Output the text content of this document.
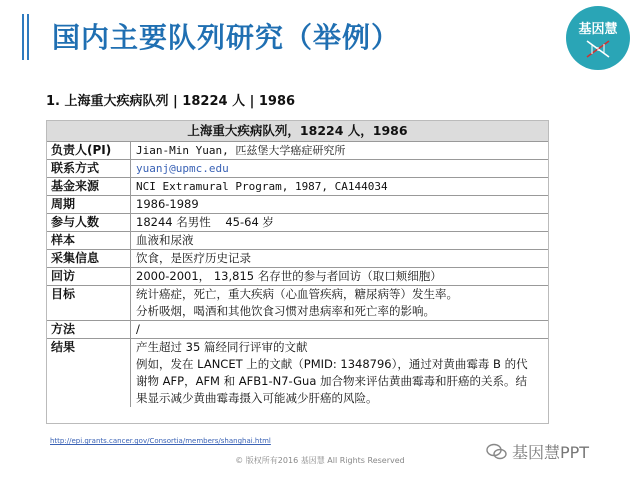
国内主要队列研究（举例）	基因慧
1. 上海重大疾病队列 | 18224 人 | 1986
上海重大疾病队列，18224 人，1986
负责人(PI)	Jian-Min Yuan, 匹兹堡大学癌症研究所
联系方式	yuanj@upmc.edu
基金来源	NCI Extramural Program, 1987, CA144034
周期	1986-1989
参与人数	18244 名男性    45-64 岁
样本	血液和尿液
采集信息	饮食，是医疗历史记录
回访	2000-2001， 13,815 名存世的参与者回访（取口颊细胞）
目标	统计癌症，死亡，重大疾病（心血管疾病，糖尿病等）发生率。
分析吸烟，喝酒和其他饮食习惯对患病率和死亡率的影响。
方法	/
结果	产生超过 35 篇经同行评审的文献
例如，发在 LANCET 上的文献（PMID: 1348796），通过对黄曲霉毒 B 的代
谢物 AFP，AFM 和 AFB1-N7-Gua 加合物来评估黄曲霉毒和肝癌的关系。结
果显示减少黄曲霉毒摄入可能减少肝癌的风险。
http://epi.grants.cancer.gov/Consortia/members/shanghai.html
基因慧PPT
© 版权所有2016 基因慧 All Rights Reserved
